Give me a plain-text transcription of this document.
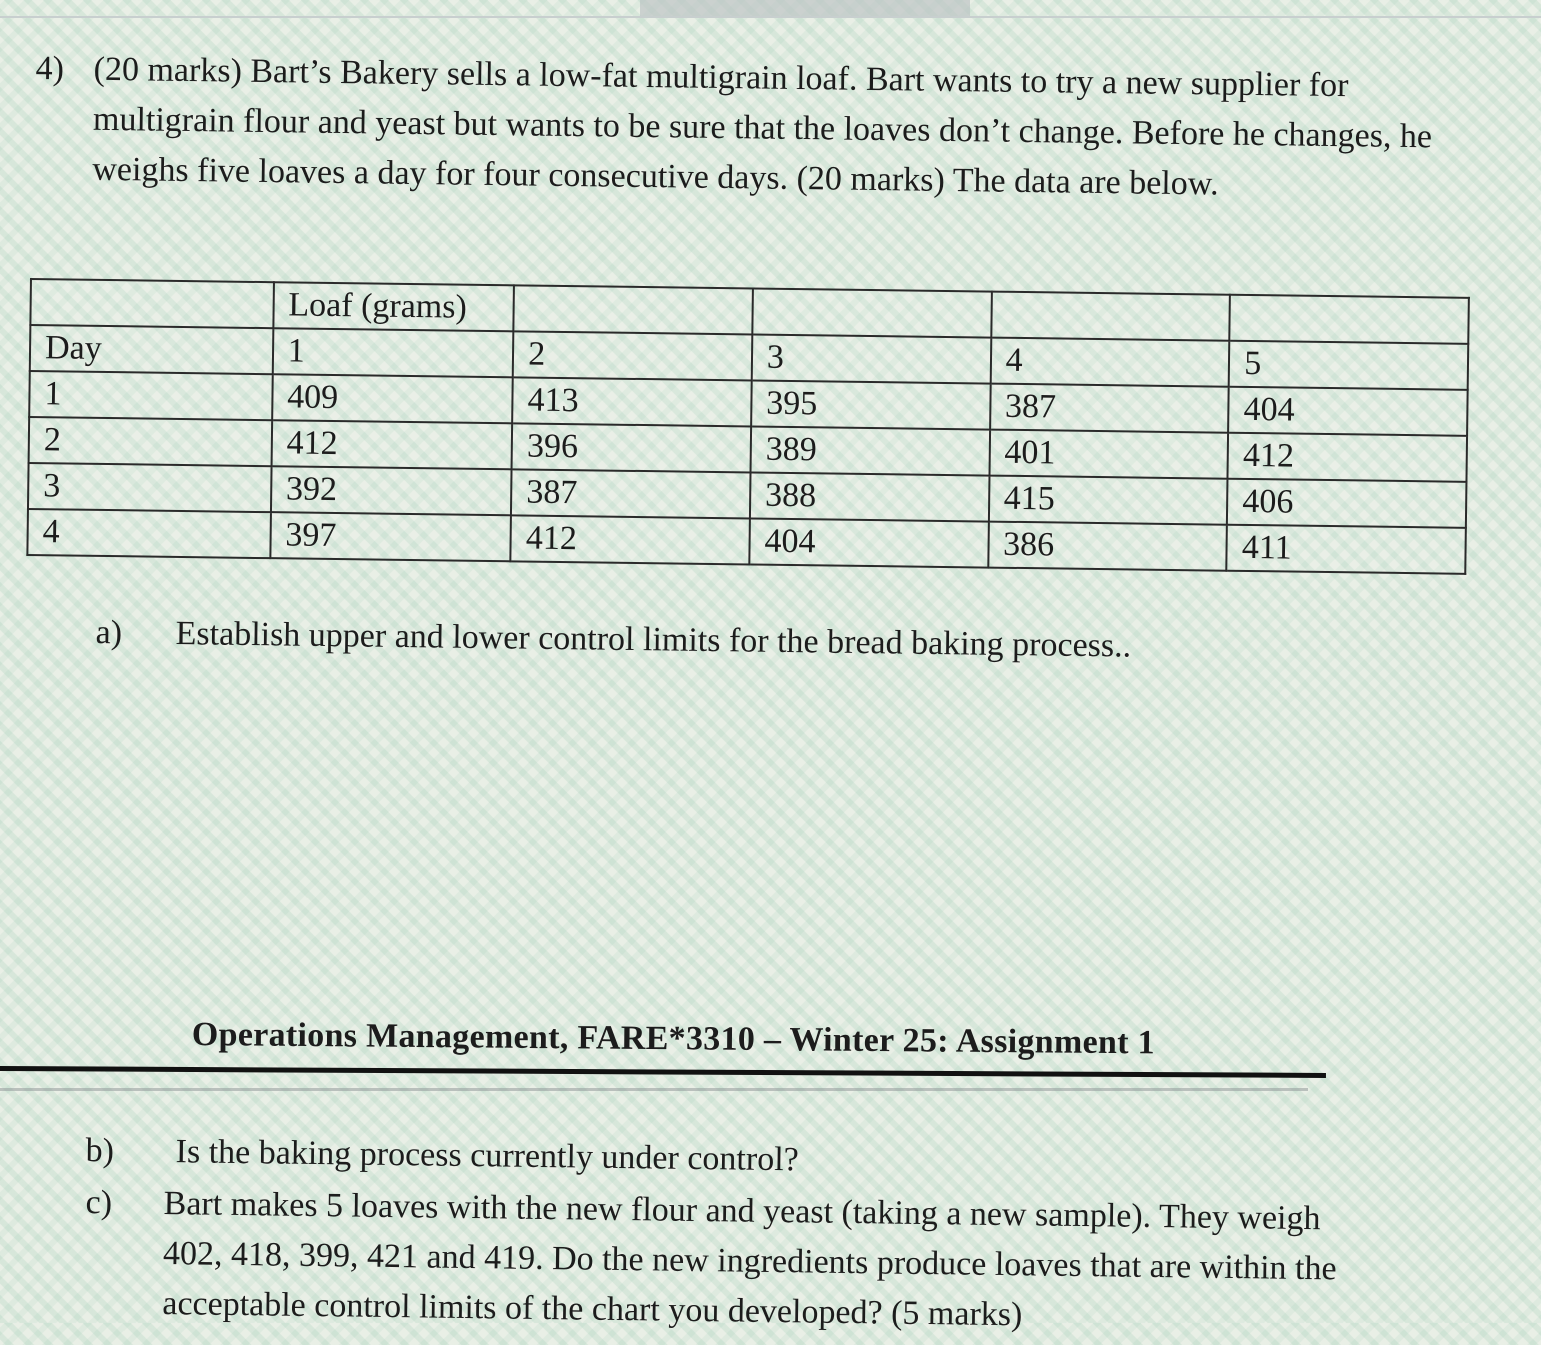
4) (20 marks) Bart’s Bakery sells a low-fat multigrain loaf. Bart wants to try a new supplier for multigrain flour and yeast but wants to be sure that the loaves don’t change. Before he changes, he weighs five loaves a day for four consecutive days. (20 marks) The data are below.
	Loaf (grams)				
Day	1	2	3	4	5
1	409	413	395	387	404
2	412	396	389	401	412
3	392	387	388	415	406
4	397	412	404	386	411
a) Establish upper and lower control limits for the bread baking process..
Operations Management, FARE*3310 – Winter 25: Assignment 1
b) Is the baking process currently under control?
c) Bart makes 5 loaves with the new flour and yeast (taking a new sample). They weigh 402, 418, 399, 421 and 419. Do the new ingredients produce loaves that are within the acceptable control limits of the chart you developed? (5 marks)
